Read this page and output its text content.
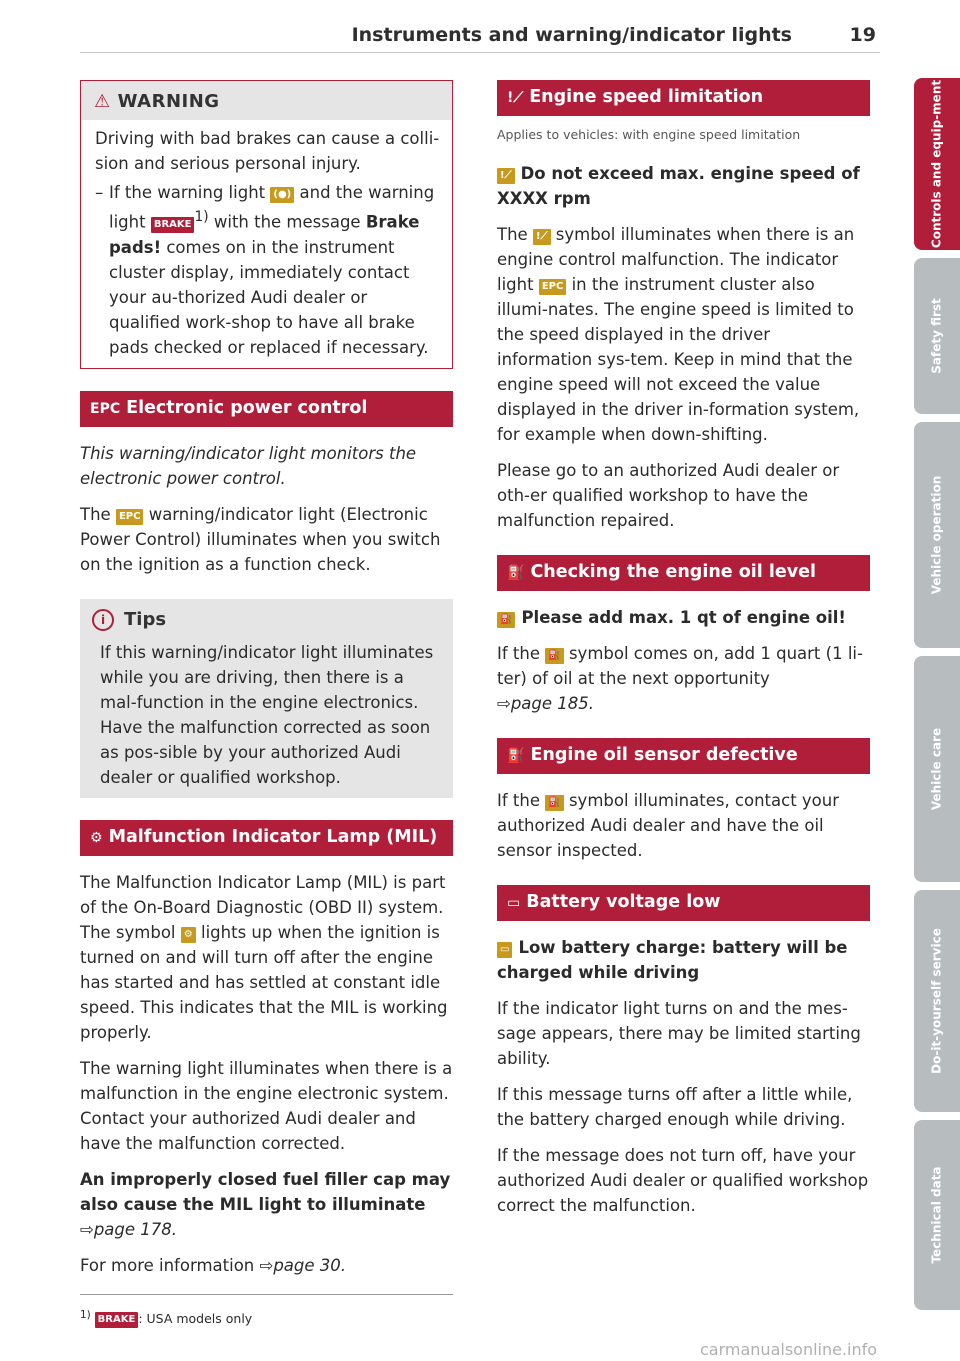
Instruments and warning/indicator lights	19
⚠ WARNING

Driving with bad brakes can cause a colli-sion and serious personal injury.

– If the warning light (●) and the warning light BRAKE $^{1)}$ with the message Brake pads! comes on in the instrument cluster display, immediately contact your au-thorized Audi dealer or qualified work-shop to have all brake pads checked or replaced if necessary.
EPC Electronic power control

This warning/indicator light monitors the electronic power control.

The EPC warning/indicator light (Electronic Power Control) illuminates when you switch on the ignition as a function check.

i Tips
If this warning/indicator light illuminates while you are driving, then there is a mal-function in the engine electronics. Have the malfunction corrected as soon as pos-sible by your authorized Audi dealer or qualified workshop.
⚙ Malfunction Indicator Lamp (MIL)

The Malfunction Indicator Lamp (MIL) is part of the On-Board Diagnostic (OBD II) system. The symbol ⚙ lights up when the ignition is turned on and will turn off after the engine has started and has settled at constant idle speed. This indicates that the MIL is working properly.

The warning light illuminates when there is a malfunction in the engine electronic system. Contact your authorized Audi dealer and have the malfunction corrected.

An improperly closed fuel filler cap may also cause the MIL light to illuminate
⇨page 178.

For more information ⇨page 30.

$^{1)}$ BRAKE : USA models only
!⟋ Engine speed limitation

Applies to vehicles: with engine speed limitation

!⟋ Do not exceed max. engine speed of XXXX rpm

The !⟋ symbol illuminates when there is an engine control malfunction. The indicator light EPC in the instrument cluster also illumi-nates. The engine speed is limited to the speed displayed in the driver information sys-tem. Keep in mind that the engine speed will not exceed the value displayed in the driver in-formation system, for example when down-shifting.

Please go to an authorized Audi dealer or oth-er qualified workshop to have the malfunction repaired.

⛽ Checking the engine oil level

⛽ Please add max. 1 qt of engine oil!

If the ⛽ symbol comes on, add 1 quart (1 li-ter) of oil at the next opportunity
⇨page 185.

⛽ Engine oil sensor defective

If the ⛽ symbol illuminates, contact your authorized Audi dealer and have the oil sensor inspected.

▭ Battery voltage low

▭ Low battery charge: battery will be charged while driving

If the indicator light turns on and the mes-sage appears, there may be limited starting ability.

If this message turns off after a little while, the battery charged enough while driving.

If the message does not turn off, have your authorized Audi dealer or qualified workshop correct the malfunction.

Controls and equip-ment
Safety first
Vehicle operation
Vehicle care
Do-it-yourself service
Technical data
carmanualsonline.info
